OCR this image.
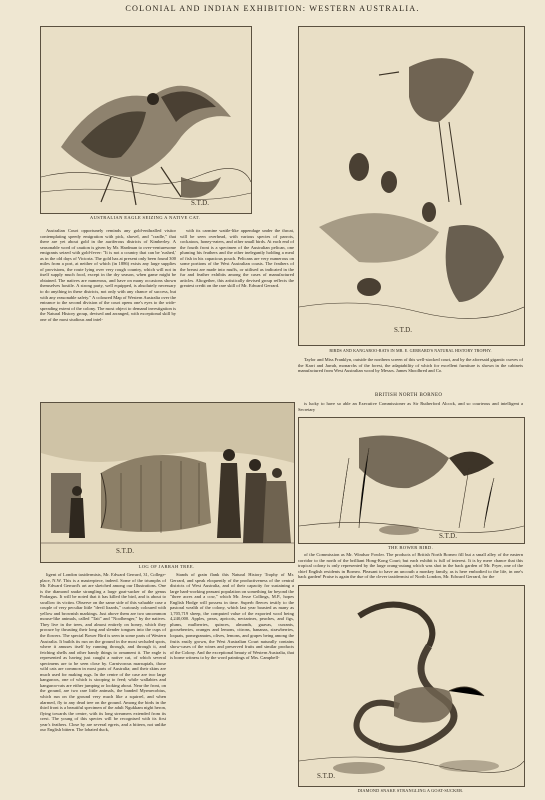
COLONIAL AND INDIAN EXHIBITION: WESTERN AUSTRALIA.
S.T.D.
AUSTRALIAN EAGLE SEIZING A NATIVE CAT.
S.T.D.
BIRDS AND KANGAROO-RATS IN MR. E. GERRARD'S NATURAL HISTORY TROPHY.

Australian Court opportunely reminds any gold-enthralled visitor contemplating speedy emigration with pick, shovel, and "cradle," that there are yet about gold in the auriferous districts of Kimberley. A seasonable word of caution is given by Mr. Hardman to over-venturesome emigrants seized with gold-fever: "It is not a country that can be 'rushed,' as in the old days of Victoria. The gold has at present only been found 300 miles from a port, at neither of which (in 1886) exists any large supplies of provisions, the route lying over very rough country, which will not in itself supply much food, except in the dry season, when game might be obtained. The natives are numerous, and have on many occasions shown themselves hostile. A strong party, well equipped, is absolutely necessary to do anything in these districts, not only with any chance of success, but with any reasonable safety." A coloured Map of Western Australia over the entrance to the second division of the court opens one's eyes to the wide-spreading extent of the colony. The most object to demand investigation is the Natural History group, devised and arranged, with exceptional skill by one of the most studious and intel-

with its carmine wattle-like appendage under the throat, will be seen overhead, with various species of parrots, cockatoos, honey-eaters, and other small birds. At each end of the fourth front is a specimen of the Australian pelican, one pluming his feathers and the other inelegantly holding a meal of fish in his capacious pouch. Pelicans are very numerous on some portions of the West Australian coasts. The feathers of the breast are made into muffs, or utilised as indicated in the fur and feather exhibits among the cases of manufactured articles. Altogether, this artistically devised group reflects the greatest credit on the rare skill of Mr. Edward Gerrard.

Taylor and Miss Franklyn, outside the northern screen of this well-stocked court, and by the aforesaid gigantic curves of the Karri and Jarrah, monarchs of the forest, the adaptability of which for excellent furniture is shown in the cabinets manufactured from West Australian wood by Messrs. James Shoolbred and Co.

BRITISH NORTH BORNEO

is lucky to have so able an Executive Commissioner as Sir Rutherford Alcock, and so courteous and intelligent a Secretary

S.T.D.
LOG OF JARRAH TREE.
S.T.D.
THE BOWER BIRD.

ligent of London taxidermists, Mr. Edward Gerrard, 31, College-place, N.W. This is a masterpiece, indeed. Some of the triumphs of Mr. Edward Gerrard's art are sketched among our Illustrations. One is the diamond snake strangling a large goat-sucker of the genus Podargus. It will be noted that it has killed the bird, and is about to swallow its victim. Observe on the same side of this valuable case a couple of very peculiar little "devil lizards," curiously coloured with yellow and brownish markings. Just above them are two uncommon mouse-like animals, called "Tait" and "Noolbenger," by the natives. They live in the trees, and almost entirely on honey, which they procure by thrusting their long and slender tongues into the cups of the flowers. The special Bower Bird is seen in some parts of Western Australia. It builds its run on the ground in the most secluded spots, where it amuses itself by running through, and through it, and fetching shells and other handy things to ornament it. The eagle is represented as having just caught a native cat, of which several specimens are to be seen close by. Carnivorous marsupials, those wild cats are common in most parts of Australia; and their skins are much used for making rugs. In the centre of the case are two large kangaroos, one of which is stooping to feed; while wallabies and kangaroo-rats are either jumping or looking about. Near the front, on the ground, are two rare little animals, the banded Myrmecobius, which run on the ground very much like a squirrel, and when alarmed, fly to any dead tree on the ground. Among the birds in the third front is a beautiful specimen of the adult Ngukkam night heron, flying towards the centre, with its long streamers extended from its crest. The young of this species will be recognised with its first year's feathers. Close by are several egrets, and a bittern, not unlike our English bittern. The lobated duck,

Stands of grain flank this Natural History Trophy of Mr. Gerrard, and speak eloquently of the productiveness of the central districts of West Australia, and of their capacity for sustaining a large hard-working peasant population on something far beyond the "three acres and a cow," which Mr. Jesse Collings, M.P., hopes English Hodge will possess in time. Superb fleeces testify to the pastoral wealth of the colony, which last year boasted as many as 1,705,719 sheep, the computed value of the exported wool being 4,240,000. Apples, pears, apricots, nectarines, peaches, and figs, plums, mulberries, quinces, almonds, guavas, currants, gooseberries, oranges and lemons, citrons, bananas, strawberries, loquats, pomegranates, olives, lemons, and grapes being among the fruits easily grown, the West Australian Court naturally contains show-cases of the wines and preserved fruits and similar products of the Colony. And the exceptional beauty of Western Australia, that is borne witness to by the word paintings of Mrs. Campbell-

of the Commission as Mr. Windsor Fowler. The products of British North Borneo fill but a small alley of the eastern corridor to the north of the brilliant Hong-Kong Court; but each exhibit is full of interest. It is by mere chance that this tropical colony is only represented by the large orang-outang which was shot in the back garden of Mr. Pryer, one of the chief English residents in Borneo. Pleasant to have an uncouth a monkey family, as is here embodied to the life, in one's back garden! Praise is again the due of the clever taxidermist of North London, Mr. Edward Gerrard, for the

S.T.D.
DIAMOND SNAKE STRANGLING A GOAT-SUCKER.
